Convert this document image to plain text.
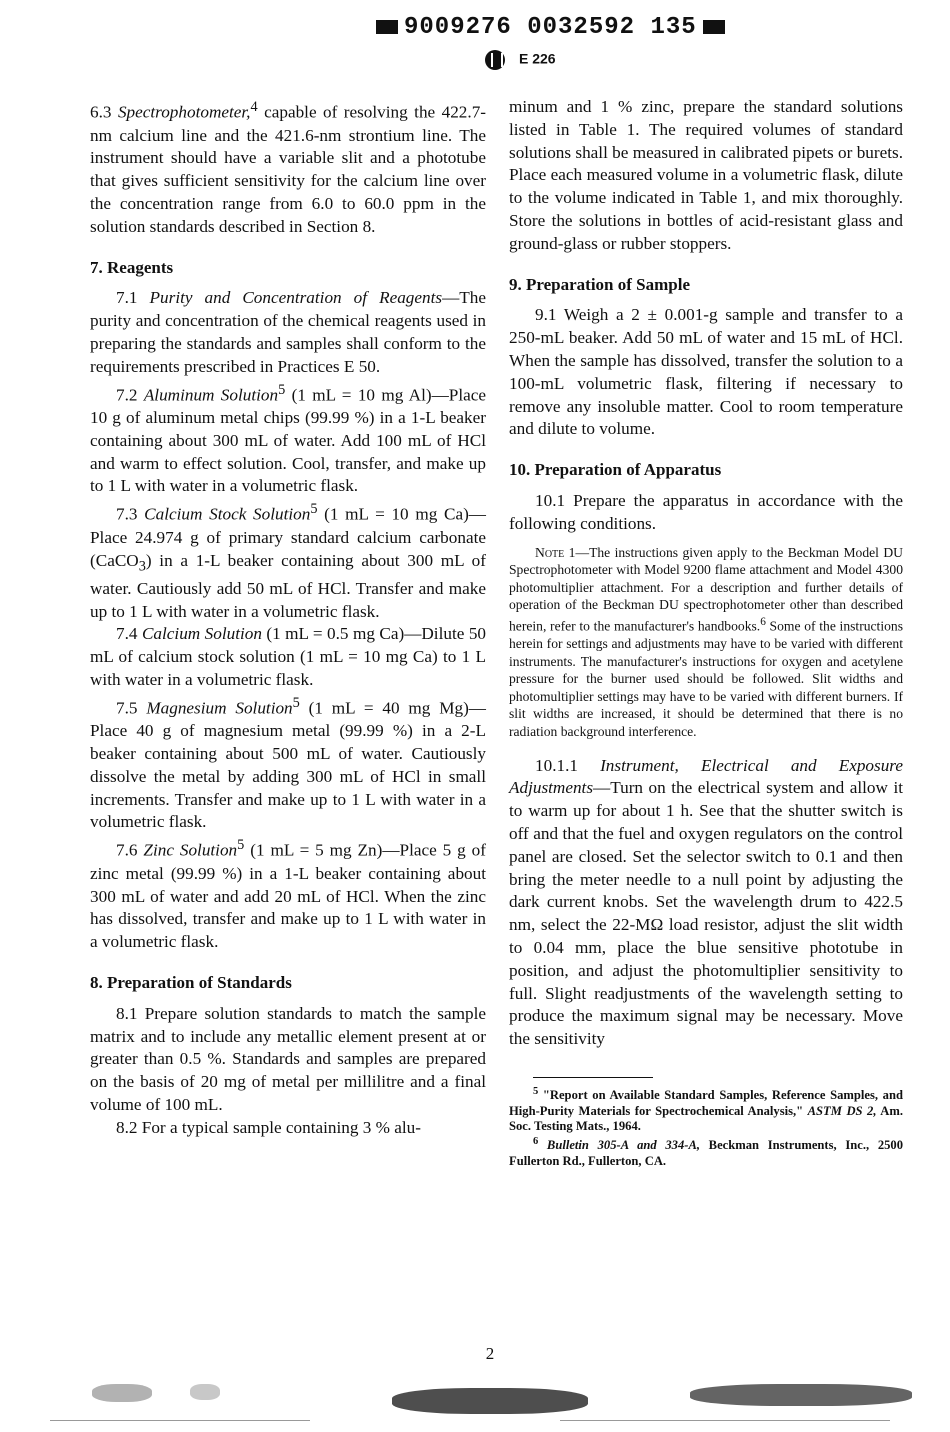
9009276 0032592 135
E 226

6.3 Spectrophotometer,$^4$ capable of resolving the 422.7-nm calcium line and the 421.6-nm strontium line. The instrument should have a variable slit and a phototube that gives sufficient sensitivity for the calcium line over the concentration range from 6.0 to 60.0 ppm in the solution standards described in Section 8.

7. Reagents

7.1 Purity and Concentration of Reagents—The purity and concentration of the chemical reagents used in preparing the standards and samples shall conform to the requirements prescribed in Practices E 50.

7.2 Aluminum Solution$^5$ (1 mL = 10 mg Al)—Place 10 g of aluminum metal chips (99.99 %) in a 1-L beaker containing about 300 mL of water. Add 100 mL of HCl and warm to effect solution. Cool, transfer, and make up to 1 L with water in a volumetric flask.

7.3 Calcium Stock Solution$^5$ (1 mL = 10 mg Ca)—Place 24.974 g of primary standard calcium carbonate (CaCO$_3$) in a 1-L beaker containing about 300 mL of water. Cautiously add 50 mL of HCl. Transfer and make up to 1 L with water in a volumetric flask.

7.4 Calcium Solution (1 mL = 0.5 mg Ca)—Dilute 50 mL of calcium stock solution (1 mL = 10 mg Ca) to 1 L with water in a volumetric flask.

7.5 Magnesium Solution$^5$ (1 mL = 40 mg Mg)—Place 40 g of magnesium metal (99.99 %) in a 2-L beaker containing about 500 mL of water. Cautiously dissolve the metal by adding 300 mL of HCl in small increments. Transfer and make up to 1 L with water in a volumetric flask.

7.6 Zinc Solution$^5$ (1 mL = 5 mg Zn)—Place 5 g of zinc metal (99.99 %) in a 1-L beaker containing about 300 mL of water and add 20 mL of HCl. When the zinc has dissolved, transfer and make up to 1 L with water in a volumetric flask.

8. Preparation of Standards

8.1 Prepare solution standards to match the sample matrix and to include any metallic element present at or greater than 0.5 %. Standards and samples are prepared on the basis of 20 mg of metal per millilitre and a final volume of 100 mL.

8.2 For a typical sample containing 3 % alu-

minum and 1 % zinc, prepare the standard solutions listed in Table 1. The required volumes of standard solutions shall be measured in calibrated pipets or burets. Place each measured volume in a volumetric flask, dilute to the volume indicated in Table 1, and mix thoroughly. Store the solutions in bottles of acid-resistant glass and ground-glass or rubber stoppers.

9. Preparation of Sample

9.1 Weigh a 2 ± 0.001-g sample and transfer to a 250-mL beaker. Add 50 mL of water and 15 mL of HCl. When the sample has dissolved, transfer the solution to a 100-mL volumetric flask, filtering if necessary to remove any insoluble matter. Cool to room temperature and dilute to volume.

10. Preparation of Apparatus

10.1 Prepare the apparatus in accordance with the following conditions.

Note 1—The instructions given apply to the Beckman Model DU Spectrophotometer with Model 9200 flame attachment and Model 4300 photomultiplier attachment. For a description and further details of operation of the Beckman DU spectrophotometer other than described herein, refer to the manufacturer's handbooks.$^6$ Some of the instructions herein for settings and adjustments may have to be varied with different instruments. The manufacturer's instructions for oxygen and acetylene pressure for the burner used should be followed. Slit widths and photomultiplier settings may have to be varied with different burners. If slit widths are increased, it should be determined that there is no radiation background interference.

10.1.1 Instrument, Electrical and Exposure Adjustments—Turn on the electrical system and allow it to warm up for about 1 h. See that the shutter switch is off and that the fuel and oxygen regulators on the control panel are closed. Set the selector switch to 0.1 and then bring the meter needle to a null point by adjusting the dark current knobs. Set the wavelength drum to 422.5 nm, select the 22-MΩ load resistor, adjust the slit width to 0.04 mm, place the blue sensitive phototube in position, and adjust the photomultiplier sensitivity to full. Slight readjustments of the wavelength setting to produce the maximum signal may be necessary. Move the sensitivity

$^5$ "Report on Available Standard Samples, Reference Samples, and High-Purity Materials for Spectrochemical Analysis," ASTM DS 2, Am. Soc. Testing Mats., 1964.

$^6$ Bulletin 305-A and 334-A, Beckman Instruments, Inc., 2500 Fullerton Rd., Fullerton, CA.

2
